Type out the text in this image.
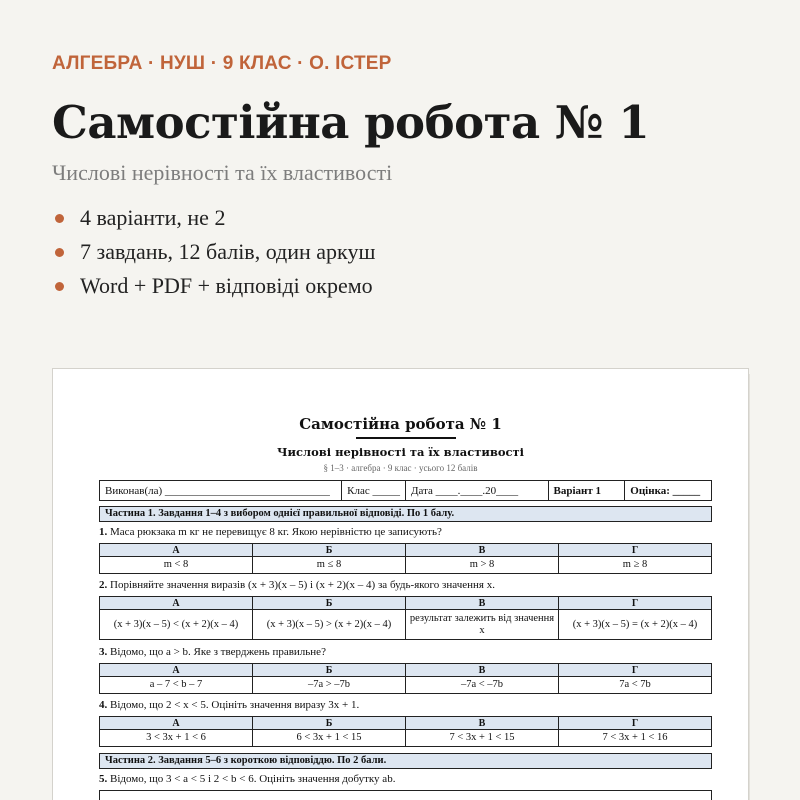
АЛГЕБРА · НУШ · 9 КЛАС · О. ІСТЕР
Самостійна робота № 1
Числові нерівності та їх властивості
4 варіанти, не 2
7 завдань, 12 балів, один аркуш
Word + PDF + відповіді окремо
Самостійна робота № 1
Числові нерівності та їх властивості
§ 1–3 · алгебра · 9 клас · усього 12 балів
Виконав(ла) ______________________________	Клас _____	Дата ____.____.20____	Варіант 1	Оцінка: _____
Частина 1. Завдання 1–4 з вибором однієї правильної відповіді. По 1 балу.
1. Маса рюкзака m кг не перевищує 8 кг. Якою нерівністю це записують?
А	Б	В	Г
m < 8	m ≤ 8	m > 8	m ≥ 8
2. Порівняйте значення виразів (x + 3)(x – 5) і (x + 2)(x – 4) за будь-якого значення x.
А	Б	В	Г
(x + 3)(x – 5) < (x + 2)(x – 4)	(x + 3)(x – 5) > (x + 2)(x – 4)	результат залежить від значення x	(x + 3)(x – 5) = (x + 2)(x – 4)
3. Відомо, що a > b. Яке з тверджень правильне?
А	Б	В	Г
a – 7 < b – 7	–7a > –7b	–7a < –7b	7a < 7b
4. Відомо, що 2 < x < 5. Оцініть значення виразу 3x + 1.
А	Б	В	Г
3 < 3x + 1 < 6	6 < 3x + 1 < 15	7 < 3x + 1 < 15	7 < 3x + 1 < 16
Частина 2. Завдання 5–6 з короткою відповіддю. По 2 бали.
5. Відомо, що 3 < a < 5 і 2 < b < 6. Оцініть значення добутку ab.
